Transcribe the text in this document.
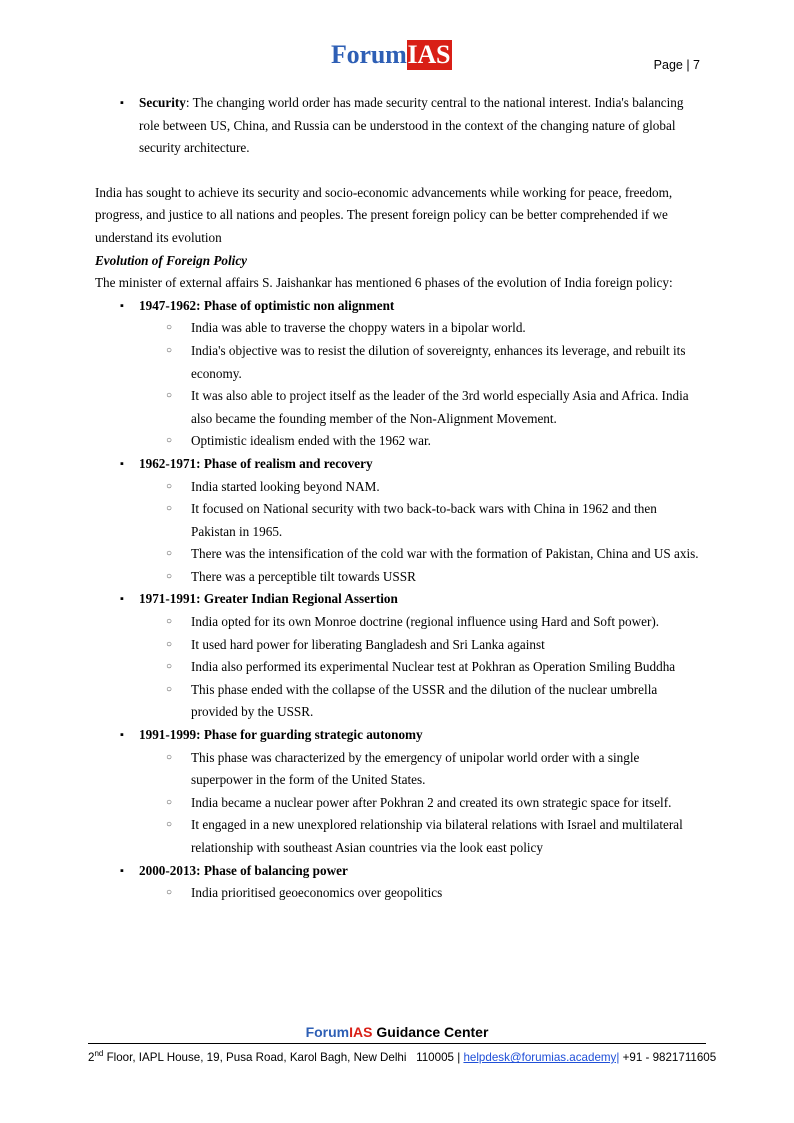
ForumIAS	Page | 7
▪ Security: The changing world order has made security central to the national interest. India's balancing role between US, China, and Russia can be understood in the context of the changing nature of global security architecture.

India has sought to achieve its security and socio-economic advancements while working for peace, freedom, progress, and justice to all nations and peoples. The present foreign policy can be better comprehended if we understand its evolution

Evolution of Foreign Policy

The minister of external affairs S. Jaishankar has mentioned 6 phases of the evolution of India foreign policy:

▪ 1947-1962: Phase of optimistic non alignment
○ India was able to traverse the choppy waters in a bipolar world.
○ India's objective was to resist the dilution of sovereignty, enhances its leverage, and rebuilt its economy.
○ It was also able to project itself as the leader of the 3rd world especially Asia and Africa. India also became the founding member of the Non-Alignment Movement.
○ Optimistic idealism ended with the 1962 war.
▪ 1962-1971: Phase of realism and recovery
○ India started looking beyond NAM.
○ It focused on National security with two back-to-back wars with China in 1962 and then Pakistan in 1965.
○ There was the intensification of the cold war with the formation of Pakistan, China and US axis.
○ There was a perceptible tilt towards USSR
▪ 1971-1991: Greater Indian Regional Assertion
○ India opted for its own Monroe doctrine (regional influence using Hard and Soft power).
○ It used hard power for liberating Bangladesh and Sri Lanka against
○ India also performed its experimental Nuclear test at Pokhran as Operation Smiling Buddha
○ This phase ended with the collapse of the USSR and the dilution of the nuclear umbrella provided by the USSR.
▪ 1991-1999: Phase for guarding strategic autonomy
○ This phase was characterized by the emergency of unipolar world order with a single superpower in the form of the United States.
○ India became a nuclear power after Pokhran 2 and created its own strategic space for itself.
○ It engaged in a new unexplored relationship via bilateral relations with Israel and multilateral relationship with southeast Asian countries via the look east policy
▪ 2000-2013: Phase of balancing power
○ India prioritised geoeconomics over geopolitics
ForumIAS Guidance Center
2nd Floor, IAPL House, 19, Pusa Road, Karol Bagh, New Delhi 110005 | helpdesk@forumias.academy| +91 - 9821711605
